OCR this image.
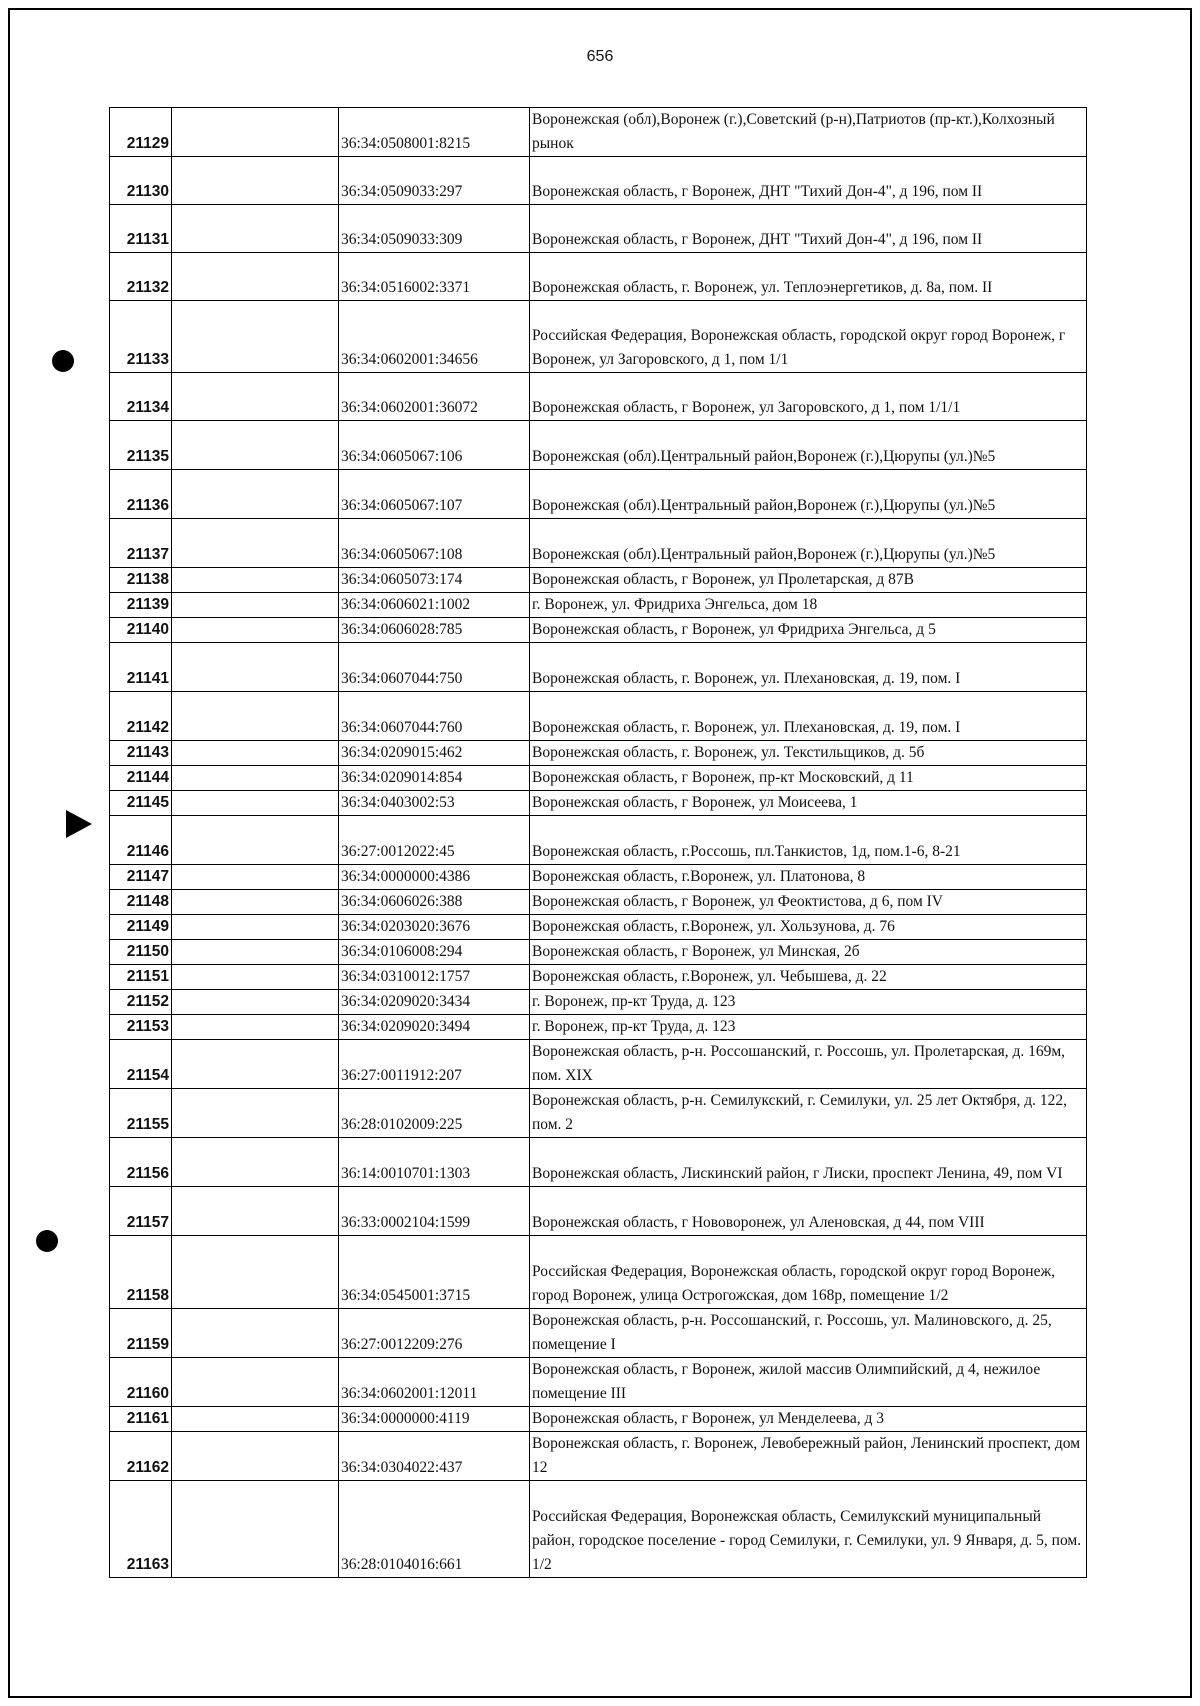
656
21129		36:34:0508001:8215	Воронежская (обл),Воронеж (г.),Советский (р-н),Патриотов (пр-кт.),Колхозный рынок
21130		36:34:0509033:297	Воронежская область, г Воронеж, ДНТ "Тихий Дон-4", д 196, пом II
21131		36:34:0509033:309	Воронежская область, г Воронеж, ДНТ "Тихий Дон-4", д 196, пом II
21132		36:34:0516002:3371	Воронежская область, г. Воронеж, ул. Теплоэнергетиков, д. 8а, пом. II
21133		36:34:0602001:34656	Российская Федерация, Воронежская область, городской округ город Воронеж, г Воронеж, ул Загоровского, д 1, пом 1/1
21134		36:34:0602001:36072	Воронежская область, г Воронеж, ул Загоровского, д 1, пом 1/1/1
21135		36:34:0605067:106	Воронежская (обл).Центральный район,Воронеж (г.),Цюрупы (ул.)№5
21136		36:34:0605067:107	Воронежская (обл).Центральный район,Воронеж (г.),Цюрупы (ул.)№5
21137		36:34:0605067:108	Воронежская (обл).Центральный район,Воронеж (г.),Цюрупы (ул.)№5
21138		36:34:0605073:174	Воронежская область, г Воронеж, ул Пролетарская, д 87В
21139		36:34:0606021:1002	г. Воронеж, ул. Фридриха Энгельса, дом 18
21140		36:34:0606028:785	Воронежская область, г Воронеж, ул Фридриха Энгельса, д 5
21141		36:34:0607044:750	Воронежская область, г. Воронеж, ул. Плехановская, д. 19, пом. I
21142		36:34:0607044:760	Воронежская область, г. Воронеж, ул. Плехановская, д. 19, пом. I
21143		36:34:0209015:462	Воронежская область, г. Воронеж, ул. Текстильщиков, д. 5б
21144		36:34:0209014:854	Воронежская область, г Воронеж, пр-кт Московский, д 11
21145		36:34:0403002:53	Воронежская область, г Воронеж, ул Моисеева, 1
21146		36:27:0012022:45	Воронежская область, г.Россошь, пл.Танкистов, 1д, пом.1-6, 8-21
21147		36:34:0000000:4386	Воронежская область, г.Воронеж, ул. Платонова, 8
21148		36:34:0606026:388	Воронежская область, г Воронеж, ул Феоктистова, д 6, пом IV
21149		36:34:0203020:3676	Воронежская область, г.Воронеж, ул. Хользунова, д. 76
21150		36:34:0106008:294	Воронежская область, г Воронеж, ул Минская, 2б
21151		36:34:0310012:1757	Воронежская область, г.Воронеж, ул. Чебышева, д. 22
21152		36:34:0209020:3434	г. Воронеж, пр-кт Труда, д. 123
21153		36:34:0209020:3494	г. Воронеж, пр-кт Труда, д. 123
21154		36:27:0011912:207	Воронежская область, р-н. Россошанский, г. Россошь, ул. Пролетарская, д. 169м, пом. XIX
21155		36:28:0102009:225	Воронежская область, р-н. Семилукский, г. Семилуки, ул. 25 лет Октября, д. 122, пом. 2
21156		36:14:0010701:1303	Воронежская область, Лискинский район, г Лиски, проспект Ленина, 49, пом VI
21157		36:33:0002104:1599	Воронежская область, г Нововоронеж, ул Аленовская, д 44, пом VIII
21158		36:34:0545001:3715	Российская Федерация, Воронежская область, городской округ город Воронеж, город Воронеж, улица Острогожская, дом 168р, помещение 1/2
21159		36:27:0012209:276	Воронежская область, р-н. Россошанский, г. Россошь, ул. Малиновского, д. 25, помещение I
21160		36:34:0602001:12011	Воронежская область, г Воронеж, жилой массив Олимпийский, д 4, нежилое помещение III
21161		36:34:0000000:4119	Воронежская область, г Воронеж, ул Менделеева, д 3
21162		36:34:0304022:437	Воронежская область, г. Воронеж, Левобережный район, Ленинский проспект, дом 12
21163		36:28:0104016:661	Российская Федерация, Воронежская область, Семилукский муниципальный район, городское поселение - город Семилуки, г. Семилуки, ул. 9 Января, д. 5, пом. 1/2
